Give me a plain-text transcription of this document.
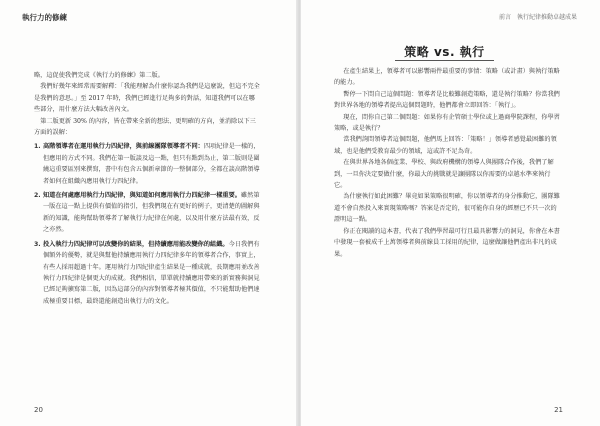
執行力的修練

略，這促使我們完成《執行力的修練》第二版。

　我們好幾年來經常需要解釋：「我能理解為什麼你認為我們是這麼說，但這不完全是我們的意思。」至 2017 年時，我們已經進行足夠多的對話，知道我們可以在哪些部分，用什麼方法大幅改善內文。

　第二版更新 30% 的內容，皆在帶來全新的想法、更明確的方向，並消除以下三方面的誤解：

1. 高階領導者在運用執行力四紀律，與前線團隊領導者不同：四項紀律是一樣的，但應用的方式不同。我們在第一版談及這一點，但只有點到為止，第二版則是圍繞這重要區別來撰寫，書中有包含五個新章節的一整個部分，全都在談高階領導者如何在組織內應用執行力四紀律。
2. 知道在何處應用執行力四紀律，與知道如何應用執行力四紀律一樣重要。雖然第一版在這一點上提供有價值的指引，但我們現在有更好的例子，更清楚的圖解與新的知識，能夠幫助領導者了解執行力紀律在何處，以及用什麼方法最有效，反之亦然。
3. 投入執行力四紀律可以改變你的結果，但持續應用能改變你的組織。今日我們有個額外的優勢，就是與幫他持續應用執行力四紀律多年的領導者合作，事實上，有些人採用超過十年。運用執行力四紀律產生結果是一種成就，長期應用並改善執行力四紀律是個更大的成就。我們相信，單單就持續應用帶來的新實務與洞見已經足夠擴寫第二版，因為這部分的內容對領導者極其價值，不只能幫助他們達成極重要目標，最終還能創造出執行力的文化。
20
前言 執行紀律推動卓越成果
21
策略 vs. 執行

在產生結果上，領導者可以影響兩件最重要的事情：策略（或計畫）與執行策略的能力。

暫停一下問自己這個問題：領導者是比較難創造策略，還是執行策略？你當我們對世界各地的領導者提出這個問題時，他們都會立即回答：「執行」。

現在，問你自己第二個問題：如果你有企管碩士學位或上過商學院課程，你學習策略，或是執行？

當我們詢問領導者這個問題，他們馬上回答：「策略！」領導者感覺最困難的領域，也是他們受教育最少的領域，這或許不足為奇。

在與世界各地各個產業、學校、與政府機構的領導人與團隊合作後，我們了解到，一旦你決定要做什麼，你最大的挑戰就是讓團隊以你需要的卓越水準來執行它。

為什麼執行如此困難？畢竟如果策略很明確，你以領導者的身分推動它，團隊難道不會自然投入來實現策略嗎？答案是否定的，很可能你自身的經歷已不只一次的證明這一點。

你正在閱讀的這本書，代表了我們學習最可行且最具影響力的洞見，你會在本書中發現一套被成千上萬領導者與前線員工採用的紀律，這麼做讓他們產出非凡的成果。
